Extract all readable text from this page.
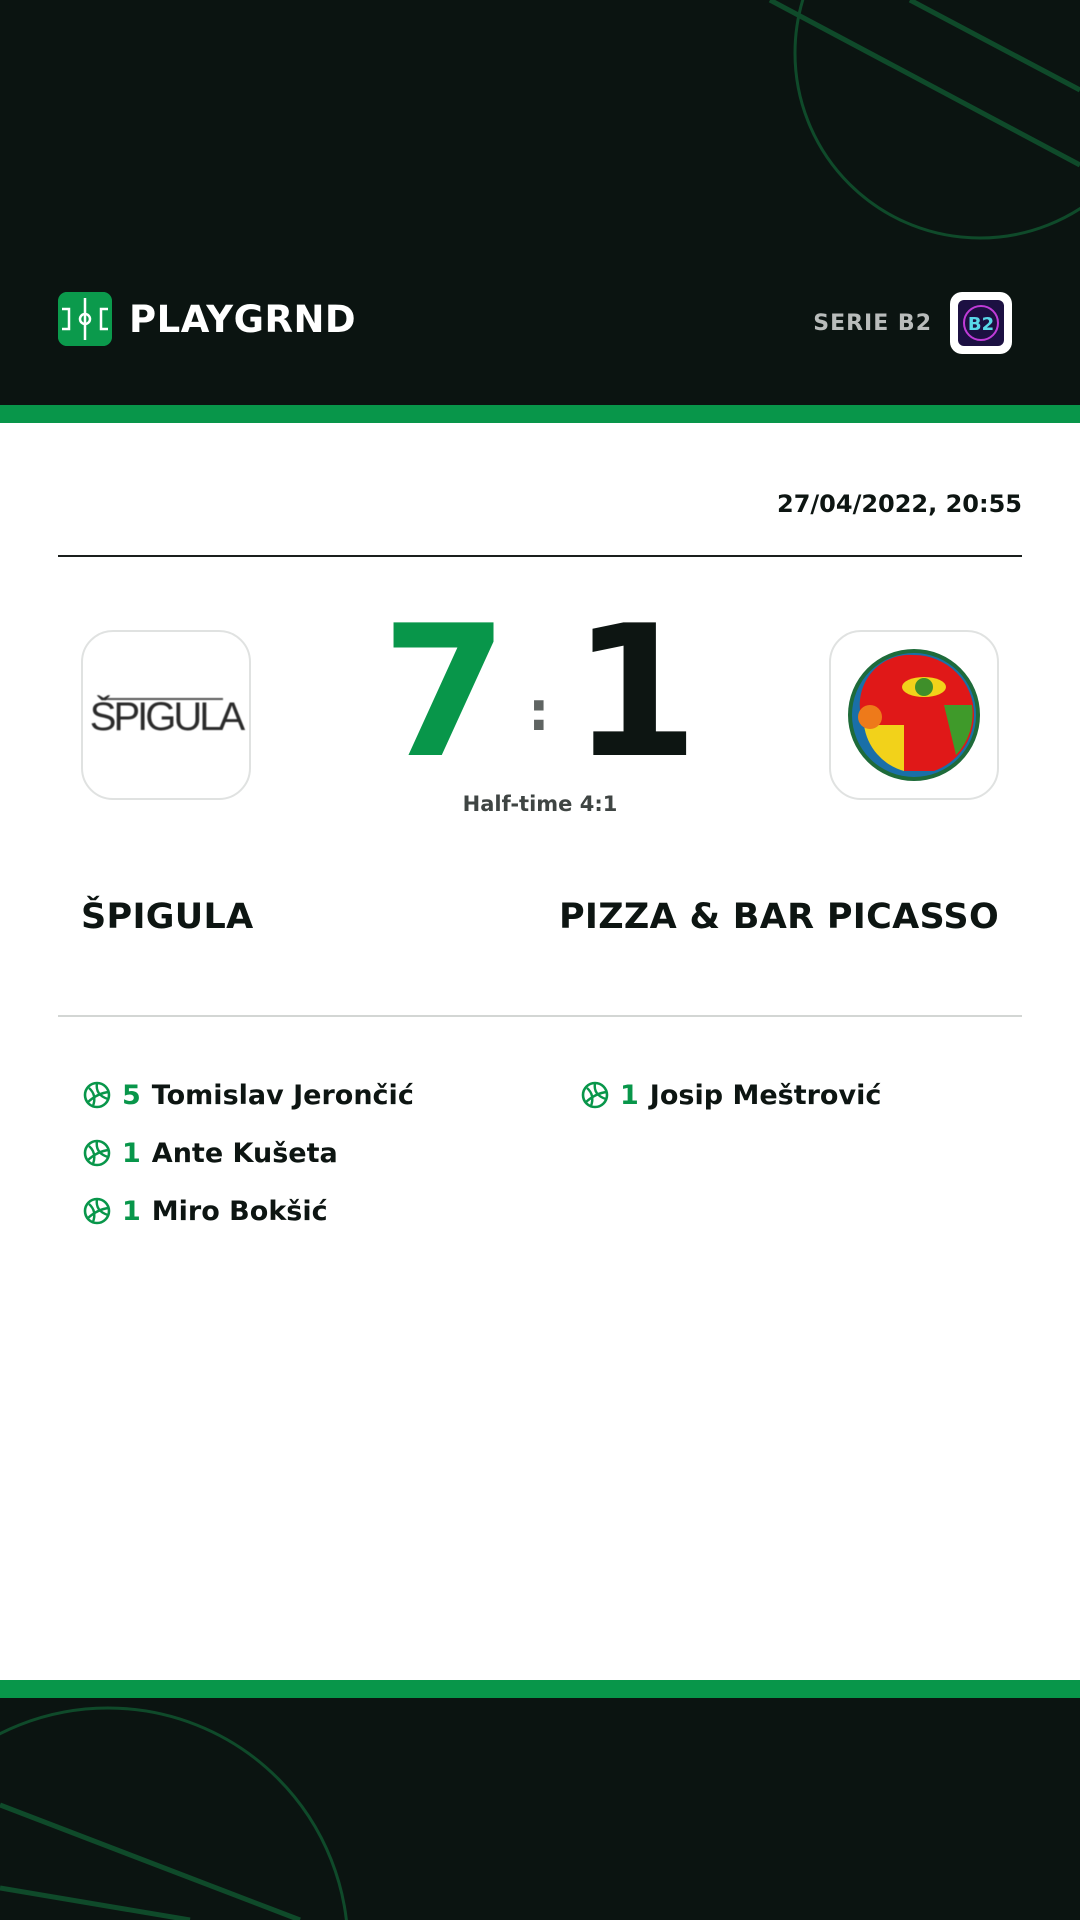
PLAYGRND	SERIE B2 B2
27/04/2022, 20:55
ŠPIGULA 7 : 1
Half-time 4:1
ŠPIGULA	PIZZA & BAR PICASSO
5 Tomislav Jerončić
1 Ante Kušeta
1 Miro Bokšić
1 Josip Meštrović
